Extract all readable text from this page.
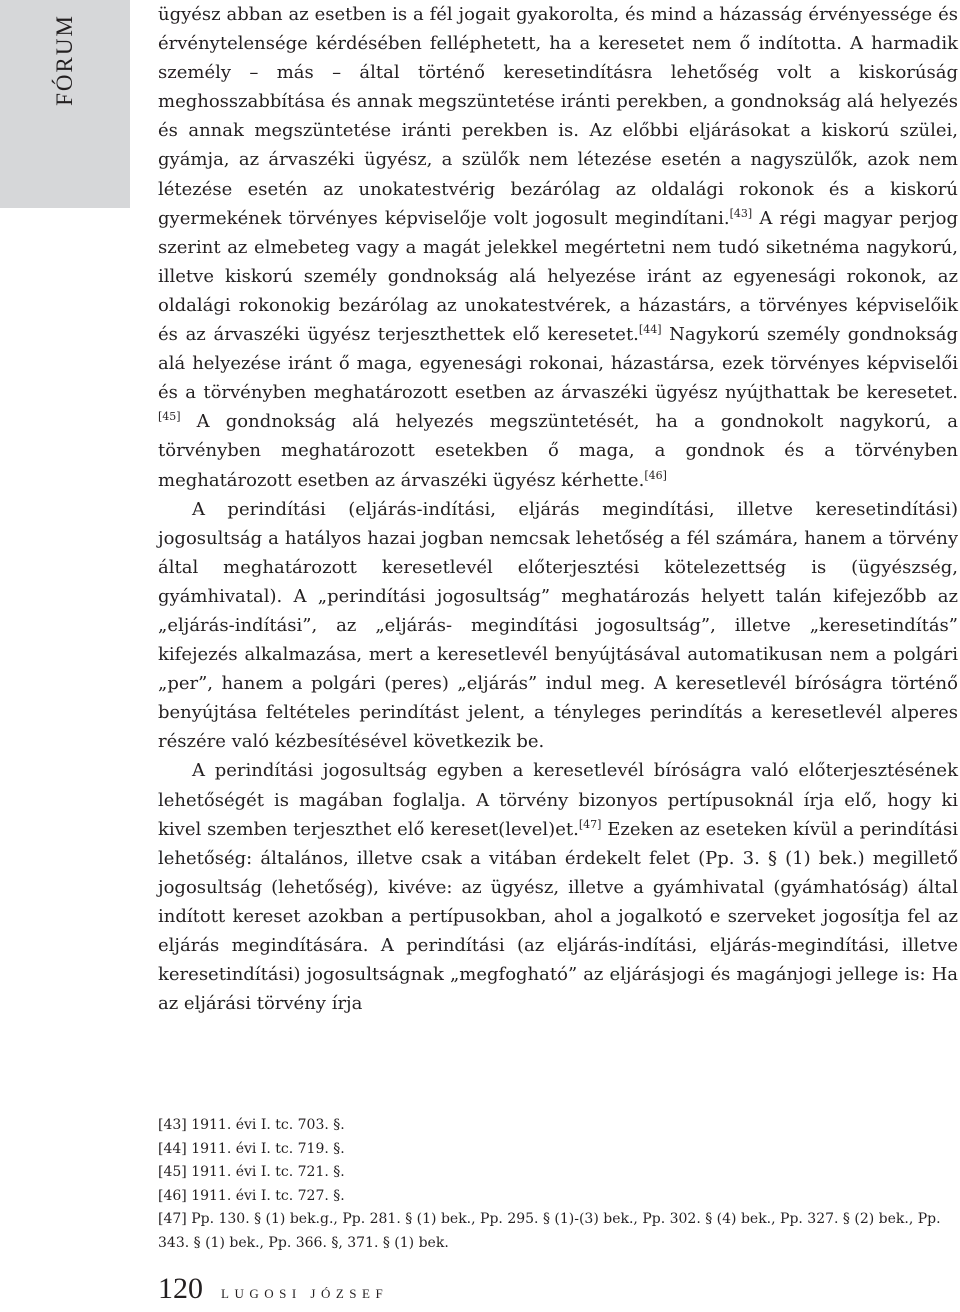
FÓRUM	ügyész abban az esetben is a fél jogait gyakorolta, és mind a házasság érvényessége és érvénytelensége kérdésében felléphetett, ha a keresetet nem ő indította. A harmadik személy – más – által történő keresetindításra lehetőség volt a kiskorúság meghosszabbítása és annak megszüntetése iránti perekben, a gondnokság alá helyezés és annak megszüntetése iránti perekben is. Az előbbi eljárásokat a kiskorú szülei, gyámja, az árvaszéki ügyész, a szülők nem létezése esetén a nagyszülők, azok nem létezése esetén az unokatestvérig bezárólag az oldalági rokonok és a kiskorú gyermekének törvényes képviselője volt jogosult megindítani.[43] A régi magyar perjog szerint az elmebeteg vagy a magát jelekkel megértetni nem tudó siketnéma nagykorú, illetve kiskorú személy gondnokság alá helyezése iránt az egyenesági rokonok, az oldalági rokonokig bezárólag az unokatestvérek, a házastárs, a törvényes képviselőik és az árvaszéki ügyész terjeszthettek elő keresetet.[44] Nagykorú személy gondnokság alá helyezése iránt ő maga, egyenesági rokonai, házastársa, ezek törvényes képviselői és a törvényben meghatározott esetben az árvaszéki ügyész nyújthattak be keresetet.[45] A gondnokság alá helyezés megszüntetését, ha a gondnokolt nagykorú, a törvényben meghatározott esetekben ő maga, a gondnok és a törvényben meghatározott esetben az árvaszéki ügyész kérhette.[46]

A perindítási (eljárás-indítási, eljárás megindítási, illetve keresetindítási) jogosultság a hatályos hazai jogban nemcsak lehetőség a fél számára, hanem a törvény által meghatározott keresetlevél előterjesztési kötelezettség is (ügyészség, gyámhivatal). A „perindítási jogosultság” meghatározás helyett talán kifejezőbb az „eljárás-indítási”, az „eljárás- megindítási jogosultság”, illetve „keresetindítás” kifejezés alkalmazása, mert a keresetlevél benyújtásával automatikusan nem a polgári „per”, hanem a polgári (peres) „eljárás” indul meg. A keresetlevél bíróságra történő benyújtása feltételes perindítást jelent, a tényleges perindítás a keresetlevél alperes részére való kézbesítésével következik be.

A perindítási jogosultság egyben a keresetlevél bíróságra való előterjesztésének lehetőségét is magában foglalja. A törvény bizonyos pertípusoknál írja elő, hogy ki kivel szemben terjeszthet elő kereset(level)et.[47] Ezeken az eseteken kívül a perindítási lehetőség: általános, illetve csak a vitában érdekelt felet (Pp. 3. § (1) bek.) megillető jogosultság (lehetőség), kivéve: az ügyész, illetve a gyámhivatal (gyámhatóság) által indított kereset azokban a pertípusokban, ahol a jogalkotó e szerveket jogosítja fel az eljárás megindítására. A perindítási (az eljárás-indítási, eljárás-megindítási, illetve keresetindítási) jogosultságnak „megfogható” az eljárásjogi és magánjogi jellege is: Ha az eljárási törvény írja

[43] 1911. évi I. tc. 703. §.
[44] 1911. évi I. tc. 719. §.
[45] 1911. évi I. tc. 721. §.
[46] 1911. évi I. tc. 727. §.
[47] Pp. 130. § (1) bek.g., Pp. 281. § (1) bek., Pp. 295. § (1)-(3) bek., Pp. 302. § (4) bek., Pp. 327. § (2) bek., Pp. 343. § (1) bek., Pp. 366. §, 371. § (1) bek.
120 LUGOSI JÓZSEF
